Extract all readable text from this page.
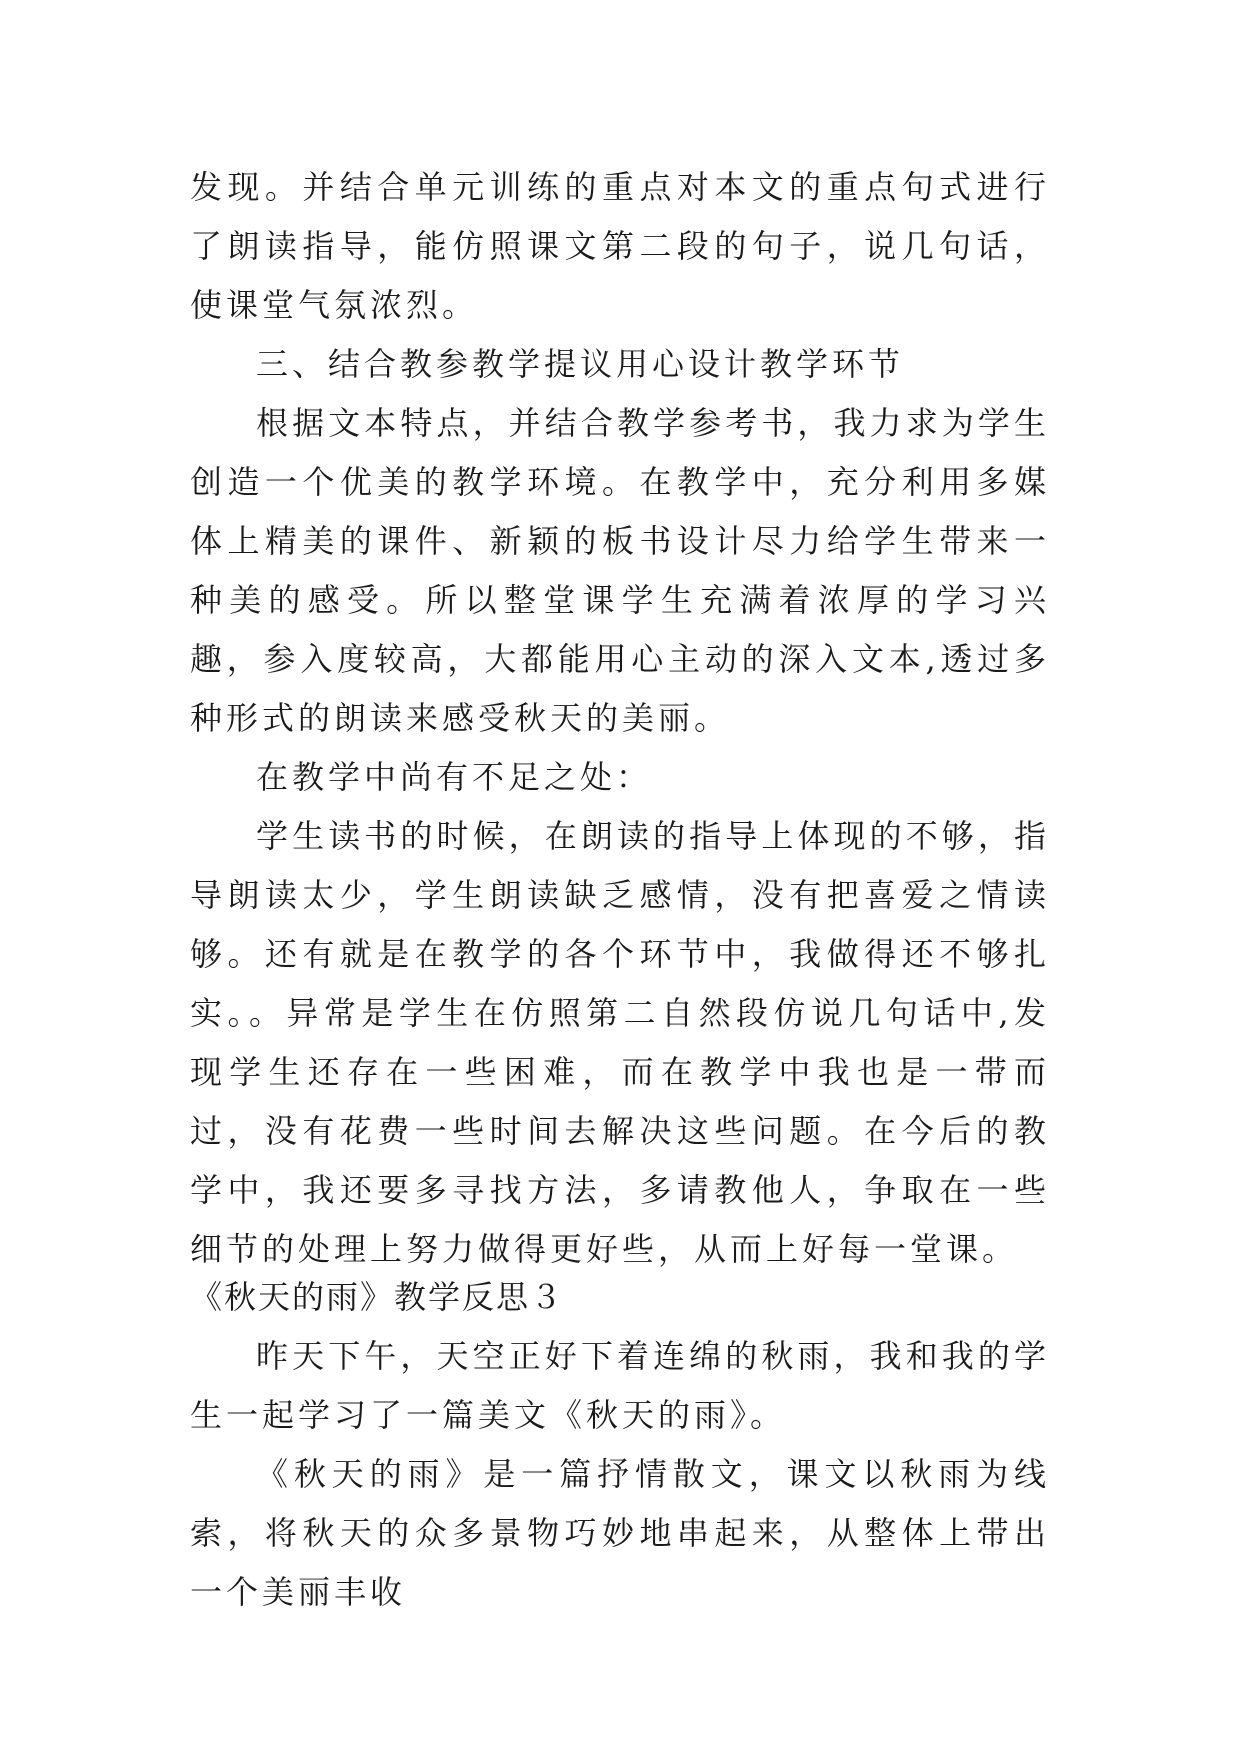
发现。并结合单元训练的重点对本文的重点句式进行了朗读指导，能仿照课文第二段的句子，说几句话，使课堂气氛浓烈。

三、结合教参教学提议用心设计教学环节

根据文本特点，并结合教学参考书，我力求为学生创造一个优美的教学环境。在教学中，充分利用多媒体上精美的课件、新颖的板书设计尽力给学生带来一种美的感受。所以整堂课学生充满着浓厚的学习兴趣，参入度较高，大都能用心主动的深入文本,透过多种形式的朗读来感受秋天的美丽。

在教学中尚有不足之处：

学生读书的时候，在朗读的指导上体现的不够，指导朗读太少，学生朗读缺乏感情，没有把喜爱之情读够。还有就是在教学的各个环节中，我做得还不够扎实。。异常是学生在仿照第二自然段仿说几句话中,发现学生还存在一些困难，而在教学中我也是一带而过，没有花费一些时间去解决这些问题。在今后的教学中，我还要多寻找方法，多请教他人，争取在一些细节的处理上努力做得更好些，从而上好每一堂课。

《秋天的雨》教学反思３

昨天下午，天空正好下着连绵的秋雨，我和我的学生一起学习了一篇美文《秋天的雨》。

《秋天的雨》是一篇抒情散文，课文以秋雨为线索，将秋天的众多景物巧妙地串起来，从整体上带出一个美丽丰收
